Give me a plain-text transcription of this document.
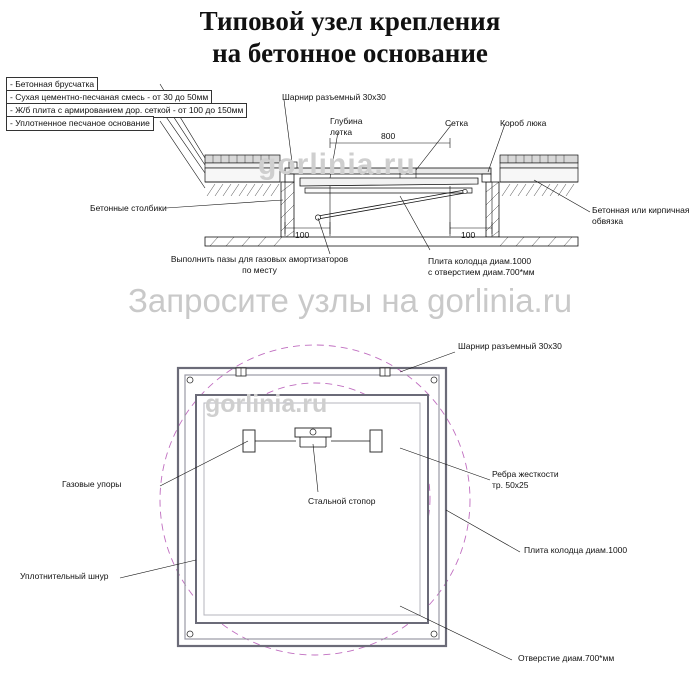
Типовой узел крепления
на бетонное основание
- Бетонная брусчатка
- Сухая цементно-песчаная смесь - от 30 до 50мм
- Ж/б плита с армированием дор. сеткой - от 100 до 150мм
- Уплотненное песчаное основание
Шарнир разъемный 30х30
Глубина
лотка
Сетка	Короб люка
Бетонные столбики	Бетонная или кирпичная
обвязка
Выполнить пазы для газовых амортизаторов
по месту
Плита колодца диам.1000
с отверстием диам.700*мм
100
800
100
Шарнир разъемный 30х30
Газовые упоры
Стальной стопор
Ребра жесткости
тр. 50х25
Уплотнительный шнур
Плита колодца диам.1000
Отверстие диам.700*мм
gorlinia.ru
Запросите узлы на gorlinia.ru
gorlinia.ru
